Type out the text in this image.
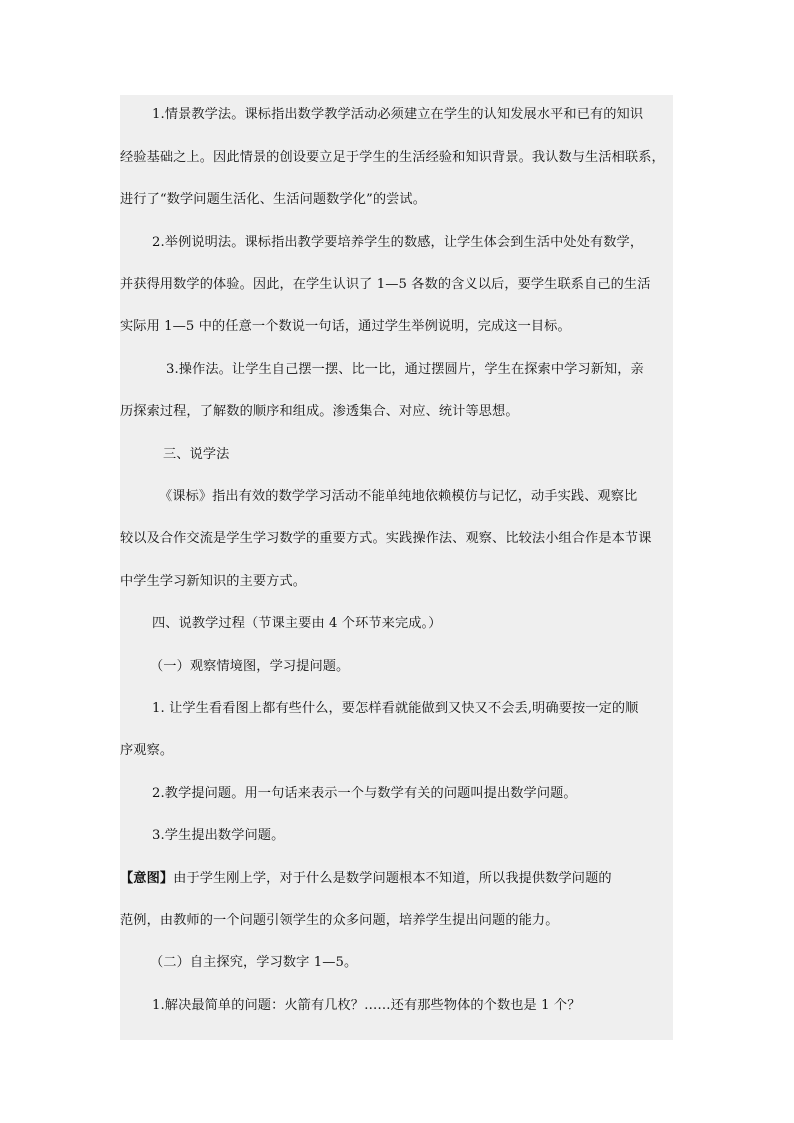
1.情景教学法。课标指出数学教学活动必须建立在学生的认知发展水平和已有的知识
经验基础之上。因此情景的创设要立足于学生的生活经验和知识背景。我认数与生活相联系，
进行了“数学问题生活化、生活问题数学化”的尝试。
2.举例说明法。课标指出教学要培养学生的数感，让学生体会到生活中处处有数学，
并获得用数学的体验。因此，在学生认识了 1—5 各数的含义以后，要学生联系自己的生活
实际用 1—5 中的任意一个数说一句话，通过学生举例说明，完成这一目标。
3.操作法。让学生自己摆一摆、比一比，通过摆圆片，学生在探索中学习新知，亲
历探索过程，了解数的顺序和组成。渗透集合、对应、统计等思想。
三、说学法
《课标》指出有效的数学学习活动不能单纯地依赖模仿与记忆，动手实践、观察比
较以及合作交流是学生学习数学的重要方式。实践操作法、观察、比较法小组合作是本节课
中学生学习新知识的主要方式。
四、说教学过程（节课主要由 4 个环节来完成。）
（一）观察情境图，学习提问题。
1. 让学生看看图上都有些什么，要怎样看就能做到又快又不会丢,明确要按一定的顺
序观察。
2.教学提问题。用一句话来表示一个与数学有关的问题叫提出数学问题。
3.学生提出数学问题。
【意图】由于学生刚上学，对于什么是数学问题根本不知道，所以我提供数学问题的
范例，由教师的一个问题引领学生的众多问题，培养学生提出问题的能力。
（二）自主探究，学习数字 1—5。
1.解决最简单的问题：火箭有几枚？……还有那些物体的个数也是 1 个？
